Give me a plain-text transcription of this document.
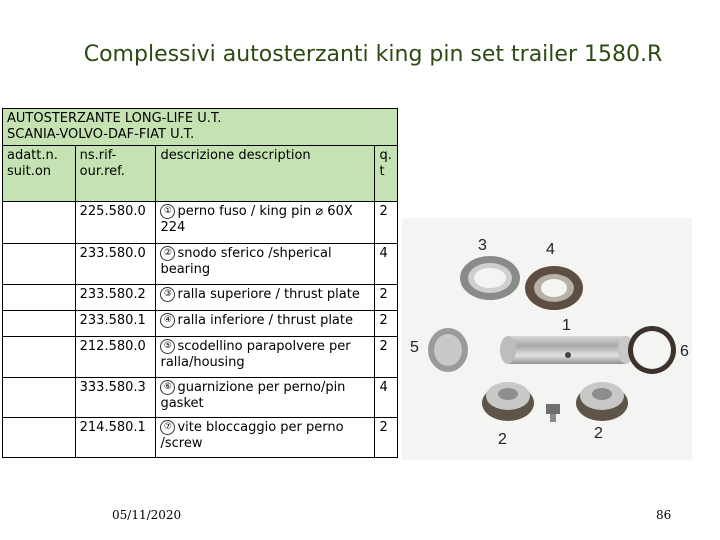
Complessivi autosterzanti king pin set trailer 1580.R
AUTOSTERZANTE LONG-LIFE U.T.
SCANIA-VOLVO-DAF-FIAT U.T.			

adatt.n. suit.on	ns.rif-our.ref.	descrizione description	q. t
	225.580.0	① perno fuso / king pin ⌀ 60X 224	2
	233.580.0	② snodo sferico /shperical bearing	4
	233.580.2	③ ralla superiore / thrust plate	2
	233.580.1	④ ralla inferiore / thrust plate	2
	212.580.0	⑤ scodellino parapolvere per ralla/housing	2
	333.580.3	⑥ guarnizione per perno/pin gasket	4
	214.580.1	⑦ vite bloccaggio per perno /screw	2
3	4
1
5	6
2	2
05/11/2020	86
